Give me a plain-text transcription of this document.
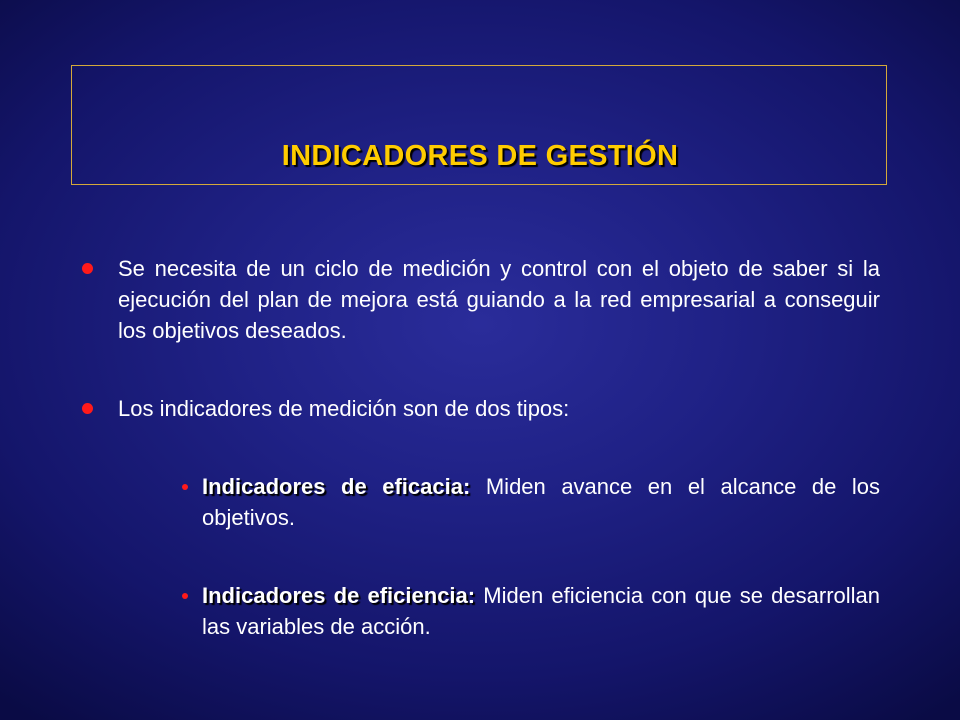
INDICADORES DE GESTIÓN
Se necesita de un ciclo de medición y control con el objeto de saber si la ejecución del plan de mejora está guiando a la red empresarial a conseguir los objetivos deseados.
Los indicadores de medición son de dos tipos:
Indicadores de eficacia: Miden avance en el alcance de los objetivos.
Indicadores de eficiencia: Miden eficiencia con que se desarrollan las variables de acción.
